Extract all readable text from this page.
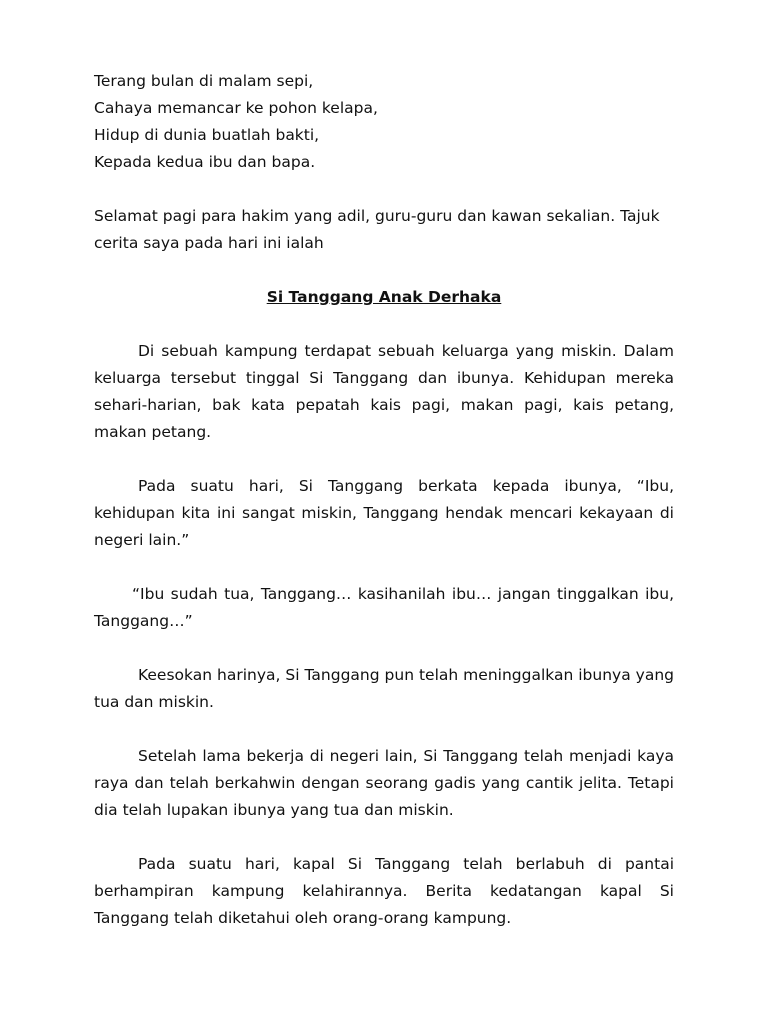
Terang bulan di malam sepi,

Cahaya memancar ke pohon kelapa,

Hidup di dunia buatlah bakti,

Kepada kedua ibu dan bapa.

Selamat pagi para hakim yang adil, guru-guru dan kawan sekalian. Tajuk cerita saya pada hari ini ialah

Si Tanggang Anak Derhaka

Di sebuah kampung terdapat sebuah keluarga yang miskin. Dalam keluarga tersebut tinggal Si Tanggang dan ibunya. Kehidupan mereka sehari-harian, bak kata pepatah kais pagi, makan pagi, kais petang, makan petang.

Pada suatu hari, Si Tanggang berkata kepada ibunya, “Ibu, kehidupan kita ini sangat miskin, Tanggang hendak mencari kekayaan di negeri lain.”

“Ibu sudah tua, Tanggang… kasihanilah ibu… jangan tinggalkan ibu, Tanggang…”

Keesokan harinya, Si Tanggang pun telah meninggalkan ibunya yang tua dan miskin.

Setelah lama bekerja di negeri lain, Si Tanggang telah menjadi kaya raya dan telah berkahwin dengan seorang gadis yang cantik jelita. Tetapi dia telah lupakan ibunya yang tua dan miskin.

Pada suatu hari, kapal Si Tanggang telah berlabuh di pantai berhampiran kampung kelahirannya. Berita kedatangan kapal Si Tanggang telah diketahui oleh orang-orang kampung.
